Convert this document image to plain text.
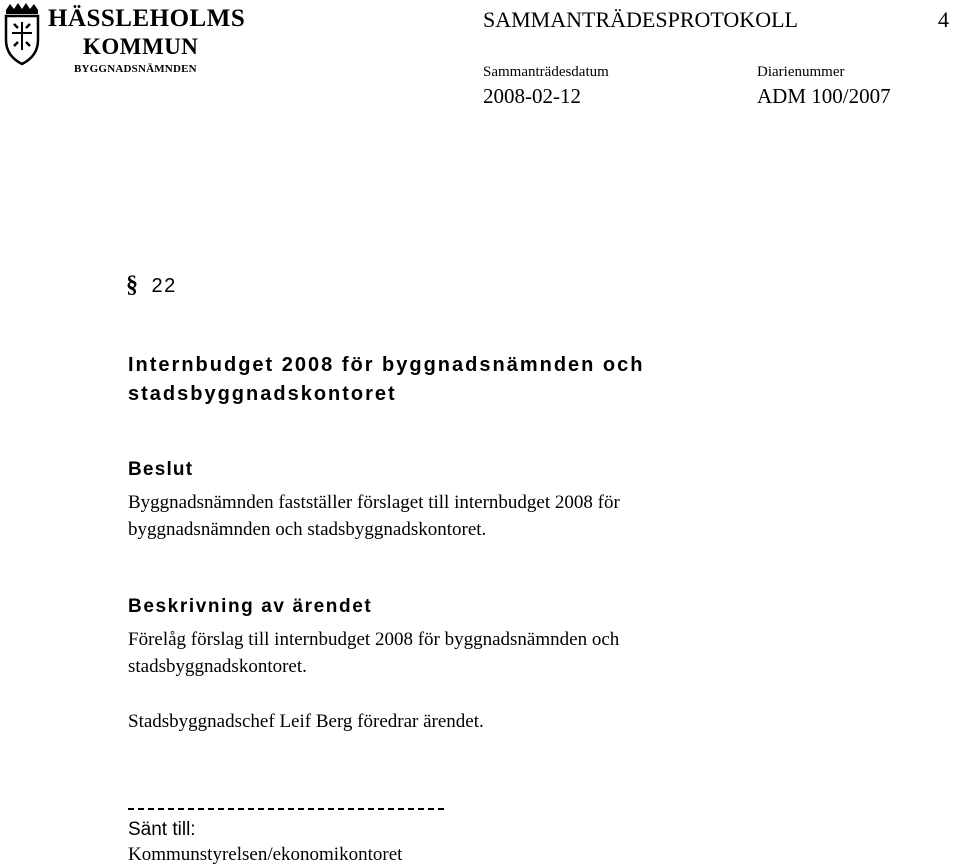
HÄSSLEHOLMS
KOMMUN
BYGGNADSNÄMNDEN
SAMMANTRÄDESPROTOKOLL	4
Sammanträdesdatum	Diarienummer
2008-02-12	ADM 100/2007
§ 22
Internbudget 2008 för byggnadsnämnden och
stadsbyggnadskontoret
Beslut
Byggnadsnämnden fastställer förslaget till internbudget 2008 för
byggnadsnämnden och stadsbyggnadskontoret.
Beskrivning av ärendet
Förelåg förslag till internbudget 2008 för byggnadsnämnden och
stadsbyggnadskontoret.
Stadsbyggnadschef Leif Berg föredrar ärendet.
Sänt till:
Kommunstyrelsen/ekonomikontoret
